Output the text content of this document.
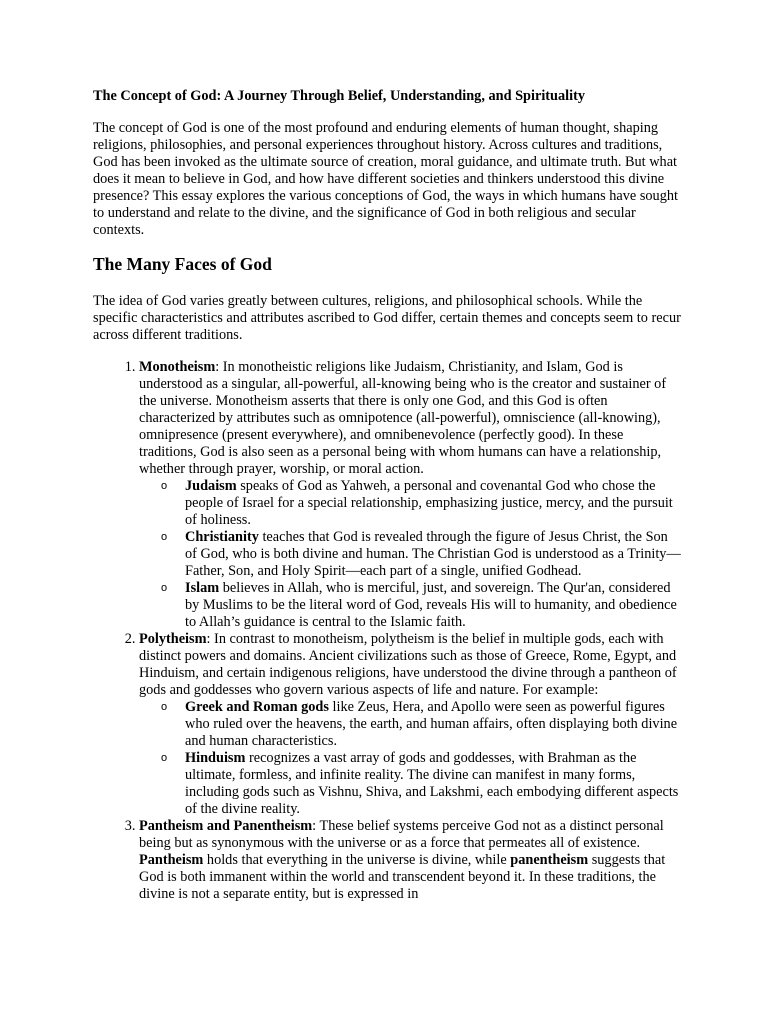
The Concept of God: A Journey Through Belief, Understanding, and Spirituality

The concept of God is one of the most profound and enduring elements of human thought, shaping religions, philosophies, and personal experiences throughout history. Across cultures and traditions, God has been invoked as the ultimate source of creation, moral guidance, and ultimate truth. But what does it mean to believe in God, and how have different societies and thinkers understood this divine presence? This essay explores the various conceptions of God, the ways in which humans have sought to understand and relate to the divine, and the significance of God in both religious and secular contexts.

The Many Faces of God

The idea of God varies greatly between cultures, religions, and philosophical schools. While the specific characteristics and attributes ascribed to God differ, certain themes and concepts seem to recur across different traditions.

1. Monotheism: In monotheistic religions like Judaism, Christianity, and Islam, God is understood as a singular, all-powerful, all-knowing being who is the creator and sustainer of the universe. Monotheism asserts that there is only one God, and this God is often characterized by attributes such as omnipotence (all-powerful), omniscience (all-knowing), omnipresence (present everywhere), and omnibenevolence (perfectly good). In these traditions, God is also seen as a personal being with whom humans can have a relationship, whether through prayer, worship, or moral action.
o Judaism speaks of God as Yahweh, a personal and covenantal God who chose the people of Israel for a special relationship, emphasizing justice, mercy, and the pursuit of holiness.
o Christianity teaches that God is revealed through the figure of Jesus Christ, the Son of God, who is both divine and human. The Christian God is understood as a Trinity—Father, Son, and Holy Spirit—each part of a single, unified Godhead.
o Islam believes in Allah, who is merciful, just, and sovereign. The Qur'an, considered by Muslims to be the literal word of God, reveals His will to humanity, and obedience to Allah’s guidance is central to the Islamic faith.
2. Polytheism: In contrast to monotheism, polytheism is the belief in multiple gods, each with distinct powers and domains. Ancient civilizations such as those of Greece, Rome, Egypt, and Hinduism, and certain indigenous religions, have understood the divine through a pantheon of gods and goddesses who govern various aspects of life and nature. For example:
o Greek and Roman gods like Zeus, Hera, and Apollo were seen as powerful figures who ruled over the heavens, the earth, and human affairs, often displaying both divine and human characteristics.
o Hinduism recognizes a vast array of gods and goddesses, with Brahman as the ultimate, formless, and infinite reality. The divine can manifest in many forms, including gods such as Vishnu, Shiva, and Lakshmi, each embodying different aspects of the divine reality.
3. Pantheism and Panentheism: These belief systems perceive God not as a distinct personal being but as synonymous with the universe or as a force that permeates all of existence. Pantheism holds that everything in the universe is divine, while panentheism suggests that God is both immanent within the world and transcendent beyond it. In these traditions, the divine is not a separate entity, but is expressed in
